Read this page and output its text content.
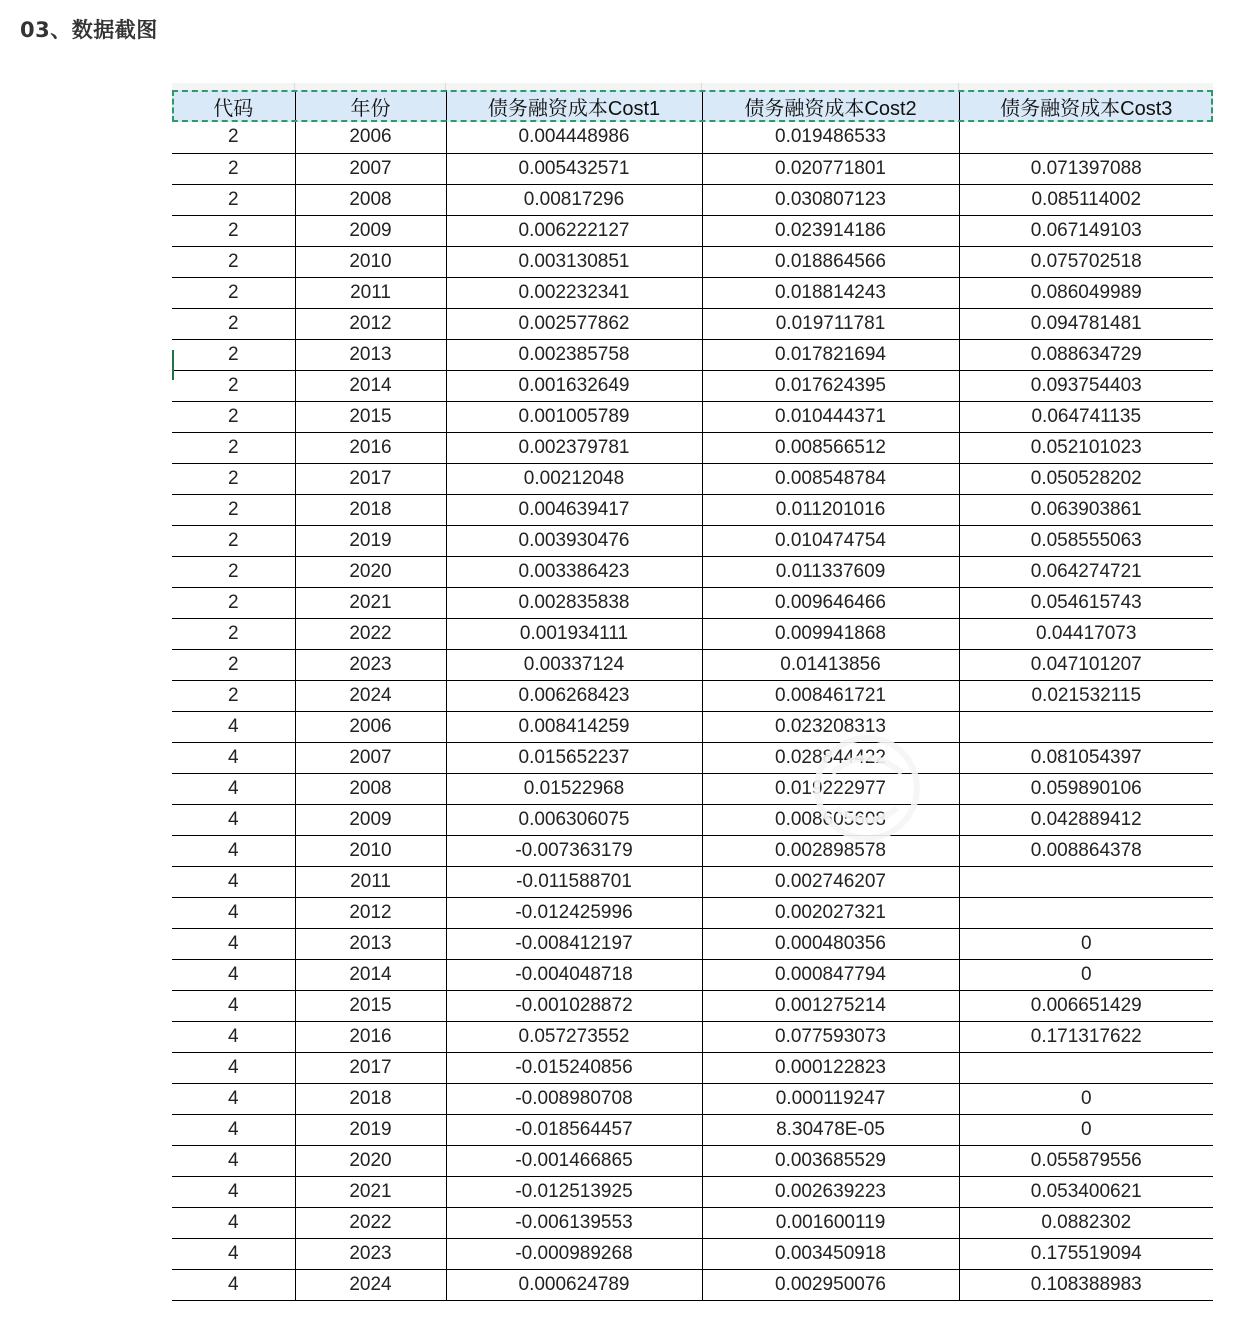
03、数据截图
代码	年份	债务融资成本Cost1	债务融资成本Cost2	债务融资成本Cost3
2	2006	0.004448986	0.019486533	
2	2007	0.005432571	0.020771801	0.071397088
2	2008	0.00817296	0.030807123	0.085114002
2	2009	0.006222127	0.023914186	0.067149103
2	2010	0.003130851	0.018864566	0.075702518
2	2011	0.002232341	0.018814243	0.086049989
2	2012	0.002577862	0.019711781	0.094781481
2	2013	0.002385758	0.017821694	0.088634729
2	2014	0.001632649	0.017624395	0.093754403
2	2015	0.001005789	0.010444371	0.064741135
2	2016	0.002379781	0.008566512	0.052101023
2	2017	0.00212048	0.008548784	0.050528202
2	2018	0.004639417	0.011201016	0.063903861
2	2019	0.003930476	0.010474754	0.058555063
2	2020	0.003386423	0.011337609	0.064274721
2	2021	0.002835838	0.009646466	0.054615743
2	2022	0.001934111	0.009941868	0.04417073
2	2023	0.00337124	0.01413856	0.047101207
2	2024	0.006268423	0.008461721	0.021532115
4	2006	0.008414259	0.023208313	
4	2007	0.015652237	0.028844422	0.081054397
4	2008	0.01522968	0.019222977	0.059890106
4	2009	0.006306075	0.008605608	0.042889412
4	2010	-0.007363179	0.002898578	0.008864378
4	2011	-0.011588701	0.002746207	
4	2012	-0.012425996	0.002027321	
4	2013	-0.008412197	0.000480356	0
4	2014	-0.004048718	0.000847794	0
4	2015	-0.001028872	0.001275214	0.006651429
4	2016	0.057273552	0.077593073	0.171317622
4	2017	-0.015240856	0.000122823	
4	2018	-0.008980708	0.000119247	0
4	2019	-0.018564457	8.30478E-05	0
4	2020	-0.001466865	0.003685529	0.055879556
4	2021	-0.012513925	0.002639223	0.053400621
4	2022	-0.006139553	0.001600119	0.0882302
4	2023	-0.000989268	0.003450918	0.175519094
4	2024	0.000624789	0.002950076	0.108388983
